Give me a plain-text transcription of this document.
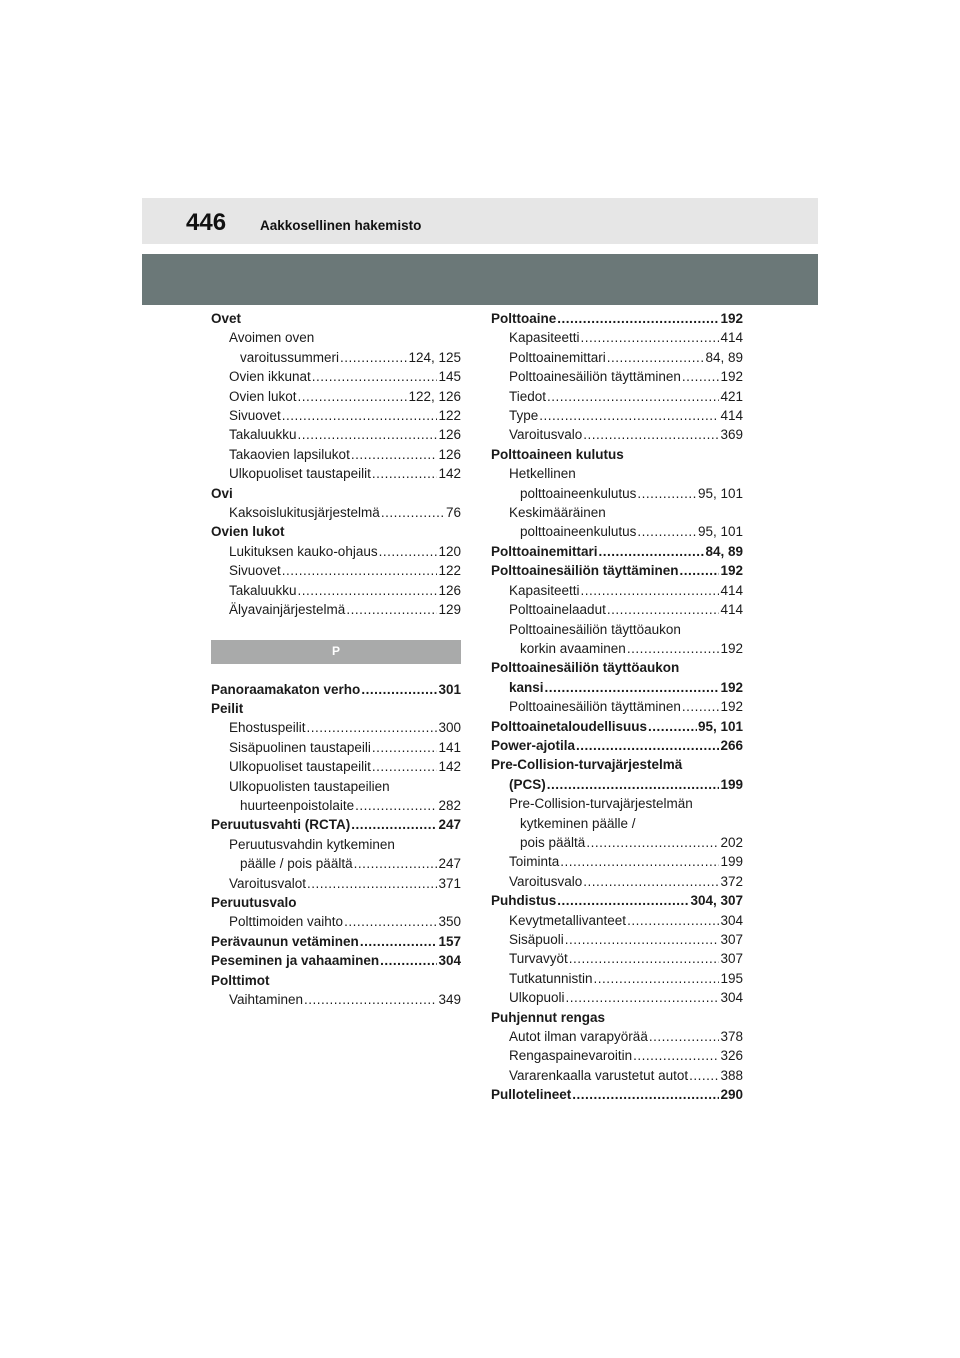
446	Aakkosellinen hakemisto
Ovet
Avoimen oven
varoitussummeri .....	124, 125
Ovien ikkunat .....	145
Ovien lukot .....	122, 126
Sivuovet .....	122
Takaluukku .....	126
Takaovien lapsilukot .....	126
Ulkopuoliset taustapeilit .....	142
Ovi
Kaksoislukitusjärjestelmä .....	76
Ovien lukot
Lukituksen kauko-ohjaus .....	120
Sivuovet .....	122
Takaluukku .....	126
Älyavainjärjestelmä .....	129
P
Panoraamakaton verho .....	301
Peilit
Ehostuspeilit .....	300
Sisäpuolinen taustapeili .....	141
Ulkopuoliset taustapeilit .....	142
Ulkopuolisten taustapeilien
huurteenpoistolaite .....	282
Peruutusvahti (RCTA) .....	247
Peruutusvahdin kytkeminen
päälle / pois päältä .....	247
Varoitusvalot .....	371
Peruutusvalo
Polttimoiden vaihto .....	350
Perävaunun vetäminen .....	157
Peseminen ja vahaaminen .....	304
Polttimot
Vaihtaminen .....	349
Polttoaine .....	192
Kapasiteetti .....	414
Polttoainemittari .....	84, 89
Polttoainesäiliön täyttäminen .....	192
Tiedot .....	421
Type .....	414
Varoitusvalo .....	369
Polttoaineen kulutus
Hetkellinen
polttoaineenkulutus .....	95, 101
Keskimääräinen
polttoaineenkulutus .....	95, 101
Polttoainemittari .....	84, 89
Polttoainesäiliön täyttäminen .....	192
Kapasiteetti .....	414
Polttoainelaadut .....	414
Polttoainesäiliön täyttöaukon
korkin avaaminen .....	192
Polttoainesäiliön täyttöaukon
kansi .....	192
Polttoainesäiliön täyttäminen .....	192
Polttoainetaloudellisuus .....	95, 101
Power-ajotila .....	266
Pre-Collision-turvajärjestelmä
(PCS) .....	199
Pre-Collision-turvajärjestelmän
kytkeminen päälle /
pois päältä .....	202
Toiminta .....	199
Varoitusvalo .....	372
Puhdistus .....	304, 307
Kevytmetallivanteet .....	304
Sisäpuoli .....	307
Turvavyöt .....	307
Tutkatunnistin .....	195
Ulkopuoli .....	304
Puhjennut rengas
Autot ilman varapyörää .....	378
Rengaspainevaroitin .....	326
Vararenkaalla varustetut autot ..... 388
Pullotelineet .....	290
